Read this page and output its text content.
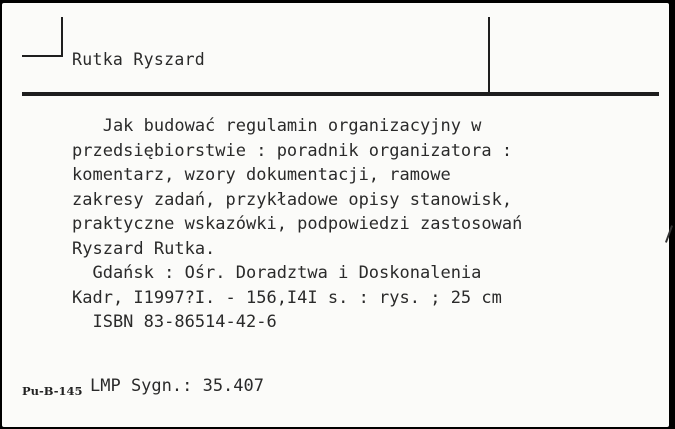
Rutka Ryszard
Jak budować regulamin organizacyjny w
przedsiębiorstwie : poradnik organizatora :
komentarz, wzory dokumentacji, ramowe
zakresy zadań, przykładowe opisy stanowisk,
praktyczne wskazówki, podpowiedzi zastosowań
Ryszard Rutka.
Gdańsk : Ośr. Doradztwa i Doskonalenia
Kadr, I1997?I. - 156,I4I s. : rys. ; 25 cm
ISBN 83-86514-42-6
LMP Sygn.: 35.407
Pu-B-145
